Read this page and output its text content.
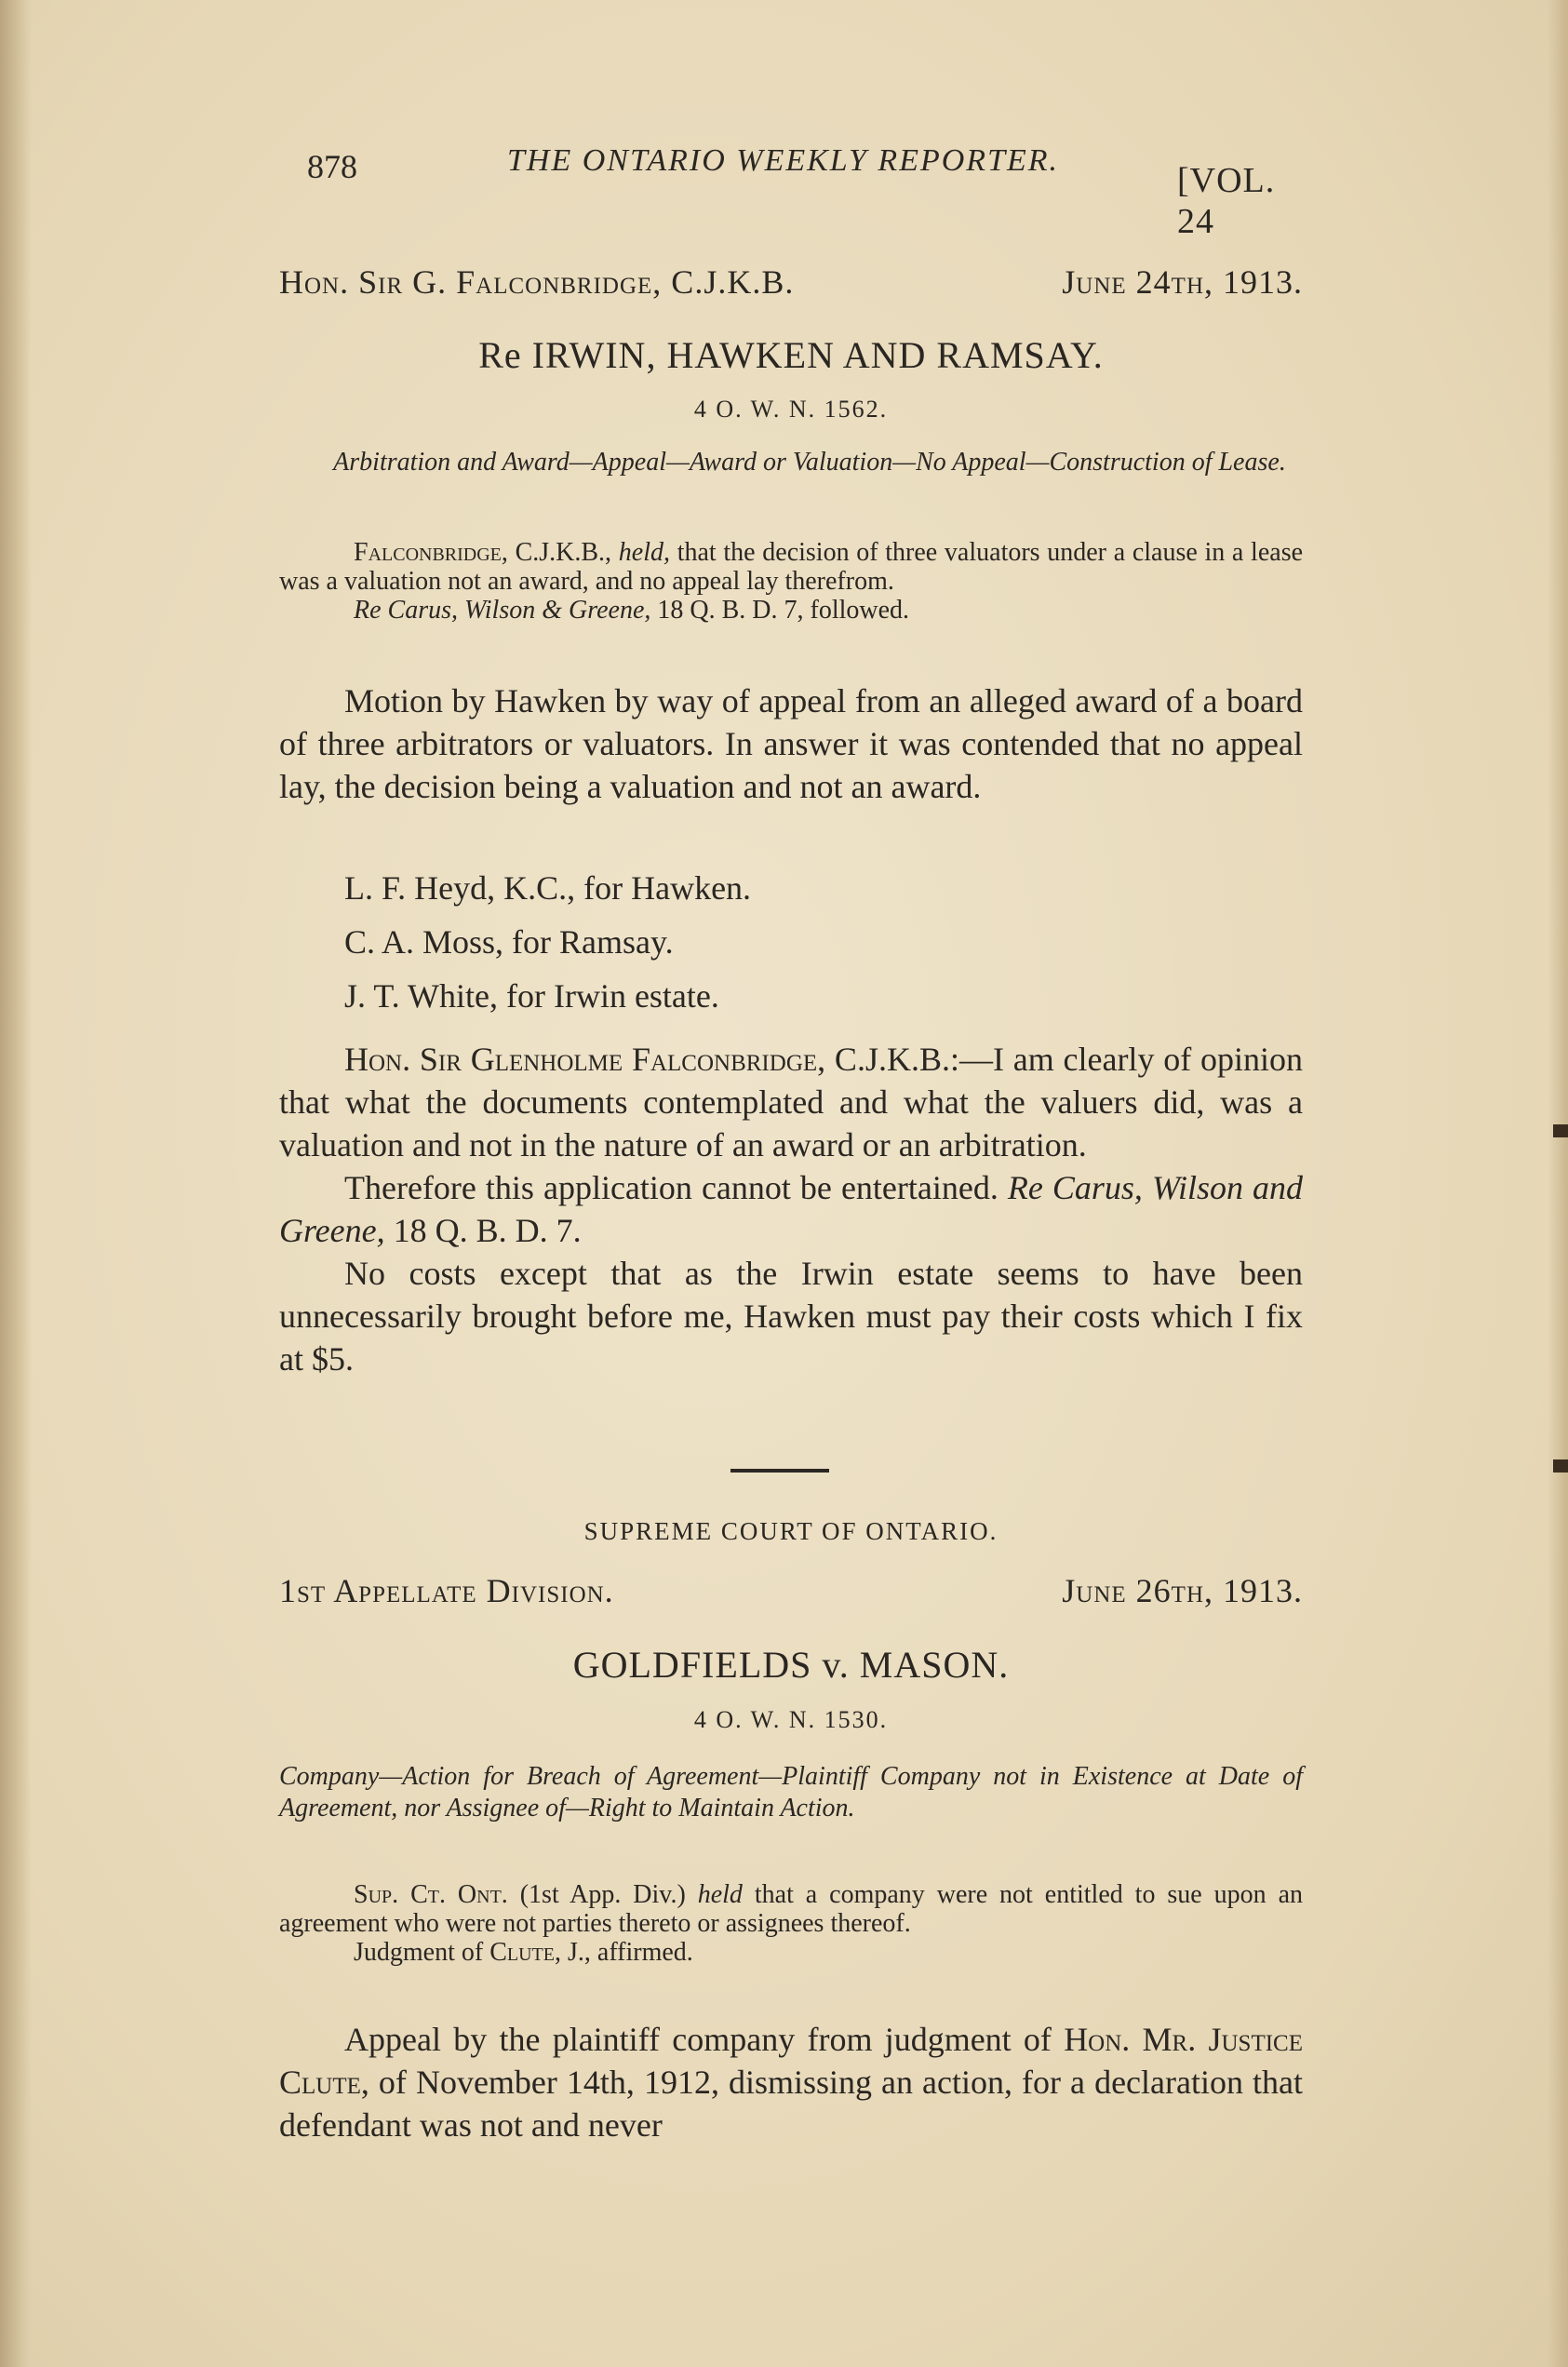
878	THE ONTARIO WEEKLY REPORTER.
[VOL. 24
Hon. Sir G. Falconbridge, C.J.K.B.	June 24th, 1913.
Re IRWIN, HAWKEN AND RAMSAY.
4 O. W. N. 1562.
Arbitration and Award—Appeal—Award or Valuation—No Appeal—Construction of Lease.
Falconbridge, C.J.K.B., held, that the decision of three valuators under a clause in a lease was a valuation not an award, and no appeal lay therefrom.
Re Carus, Wilson & Greene, 18 Q. B. D. 7, followed.
Motion by Hawken by way of appeal from an alleged award of a board of three arbitrators or valuators. In answer it was contended that no appeal lay, the decision being a valuation and not an award.
L. F. Heyd, K.C., for Hawken.
C. A. Moss, for Ramsay.
J. T. White, for Irwin estate.
Hon. Sir Glenholme Falconbridge, C.J.K.B.:—I am clearly of opinion that what the documents contemplated and what the valuers did, was a valuation and not in the nature of an award or an arbitration.
Therefore this application cannot be entertained. Re Carus, Wilson and Greene, 18 Q. B. D. 7.
No costs except that as the Irwin estate seems to have been unnecessarily brought before me, Hawken must pay their costs which I fix at $5.
SUPREME COURT OF ONTARIO.
1st Appellate Division.	June 26th, 1913.
GOLDFIELDS v. MASON.
4 O. W. N. 1530.
Company—Action for Breach of Agreement—Plaintiff Company not in Existence at Date of Agreement, nor Assignee of—Right to Maintain Action.
Sup. Ct. Ont. (1st App. Div.) held that a company were not entitled to sue upon an agreement who were not parties thereto or assignees thereof.
Judgment of Clute, J., affirmed.
Appeal by the plaintiff company from judgment of Hon. Mr. Justice Clute, of November 14th, 1912, dismissing an action, for a declaration that defendant was not and never
